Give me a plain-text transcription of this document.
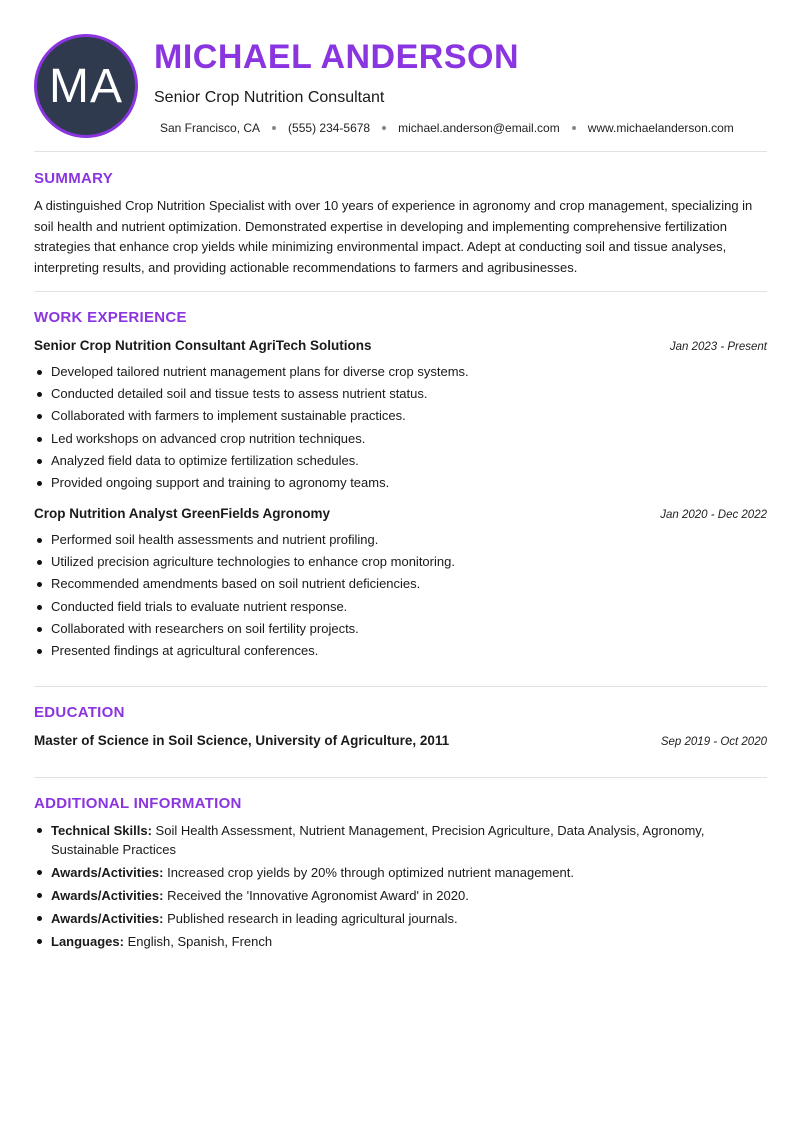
MA
MICHAEL ANDERSON
Senior Crop Nutrition Consultant
San Francisco, CA (555) 234-5678 michael.anderson@email.com www.michaelanderson.com
SUMMARY

A distinguished Crop Nutrition Specialist with over 10 years of experience in agronomy and crop management, specializing in soil health and nutrient optimization. Demonstrated expertise in developing and implementing comprehensive fertilization strategies that enhance crop yields while minimizing environmental impact. Adept at conducting soil and tissue analyses, interpreting results, and providing actionable recommendations to farmers and agribusinesses.

WORK EXPERIENCE
Senior Crop Nutrition Consultant AgriTech Solutions	Jan 2023 - Present
Developed tailored nutrient management plans for diverse crop systems.
Conducted detailed soil and tissue tests to assess nutrient status.
Collaborated with farmers to implement sustainable practices.
Led workshops on advanced crop nutrition techniques.
Analyzed field data to optimize fertilization schedules.
Provided ongoing support and training to agronomy teams.
Crop Nutrition Analyst GreenFields Agronomy	Jan 2020 - Dec 2022
Performed soil health assessments and nutrient profiling.
Utilized precision agriculture technologies to enhance crop monitoring.
Recommended amendments based on soil nutrient deficiencies.
Conducted field trials to evaluate nutrient response.
Collaborated with researchers on soil fertility projects.
Presented findings at agricultural conferences.
EDUCATION
Master of Science in Soil Science, University of Agriculture, 2011	Sep 2019 - Oct 2020
ADDITIONAL INFORMATION
Technical Skills: Soil Health Assessment, Nutrient Management, Precision Agriculture, Data Analysis, Agronomy, Sustainable Practices
Awards/Activities: Increased crop yields by 20% through optimized nutrient management.
Awards/Activities: Received the 'Innovative Agronomist Award' in 2020.
Awards/Activities: Published research in leading agricultural journals.
Languages: English, Spanish, French
